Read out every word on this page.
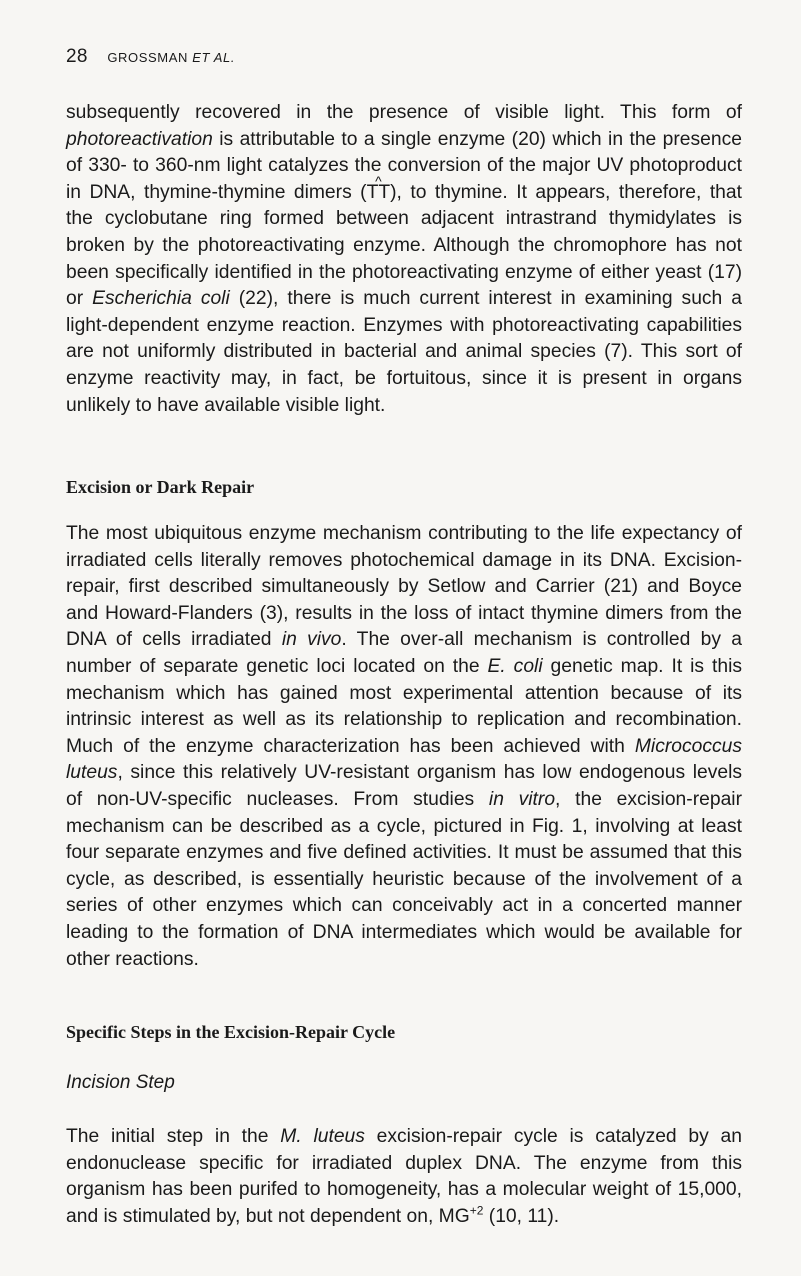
28 GROSSMAN ET AL.

subsequently recovered in the presence of visible light. This form of photoreactivation is attributable to a single enzyme (20) which in the presence of 330- to 360-nm light catalyzes the conversion of the major UV photoproduct in DNA, thymine-thymine dimers (^ TT), to thymine. It appears, therefore, that the cyclobutane ring formed between adjacent intrastrand thymidylates is broken by the photoreactivating enzyme. Although the chromophore has not been specifically identified in the photoreactivating enzyme of either yeast (17) or Escherichia coli (22), there is much current interest in examining such a light-dependent enzyme reaction. Enzymes with photoreactivating capabilities are not uniformly distributed in bacterial and animal species (7). This sort of enzyme reactivity may, in fact, be fortuitous, since it is present in organs unlikely to have available visible light.

Excision or Dark Repair

The most ubiquitous enzyme mechanism contributing to the life expectancy of irradiated cells literally removes photochemical damage in its DNA. Excision-repair, first described simultaneously by Setlow and Carrier (21) and Boyce and Howard-Flanders (3), results in the loss of intact thymine dimers from the DNA of cells irradiated in vivo. The over-all mechanism is controlled by a number of separate genetic loci located on the E. coli genetic map. It is this mechanism which has gained most experimental attention because of its intrinsic interest as well as its relationship to replication and recombination. Much of the enzyme characterization has been achieved with Micrococcus luteus, since this relatively UV-resistant organism has low endogenous levels of non-UV-specific nucleases. From studies in vitro, the excision-repair mechanism can be described as a cycle, pictured in Fig. 1, involving at least four separate enzymes and five defined activities. It must be assumed that this cycle, as described, is essentially heuristic because of the involvement of a series of other enzymes which can conceivably act in a concerted manner leading to the formation of DNA intermediates which would be available for other reactions.

Specific Steps in the Excision-Repair Cycle
Incision Step

The initial step in the M. luteus excision-repair cycle is catalyzed by an endonuclease specific for irradiated duplex DNA. The enzyme from this organism has been purifed to homogeneity, has a molecular weight of 15,000, and is stimulated by, but not dependent on, $MG^{+2}$ (10, 11).
